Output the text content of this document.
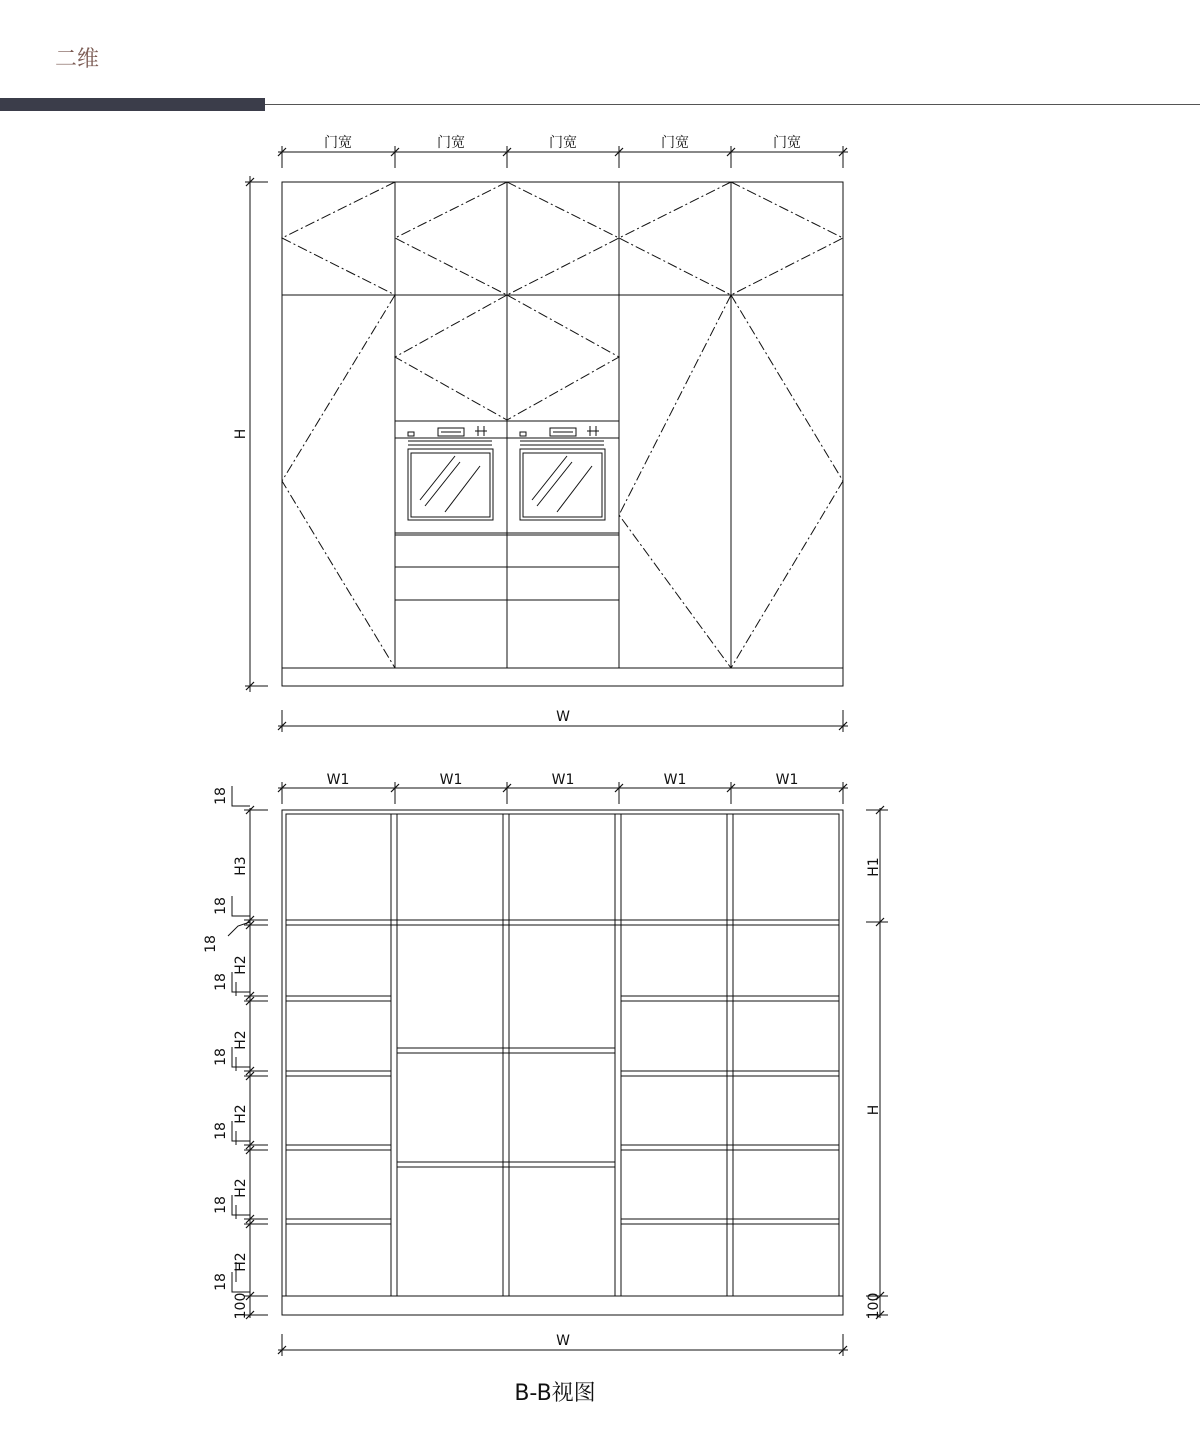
二维
门宽	门宽	门宽	门宽	门宽
W
H
W1	W1	W1	W1	W1
W
18
H3
18
18
H2
18
H2
18
H2
18
H2
18
H2
18
100
H1
H
100
B-B视图
